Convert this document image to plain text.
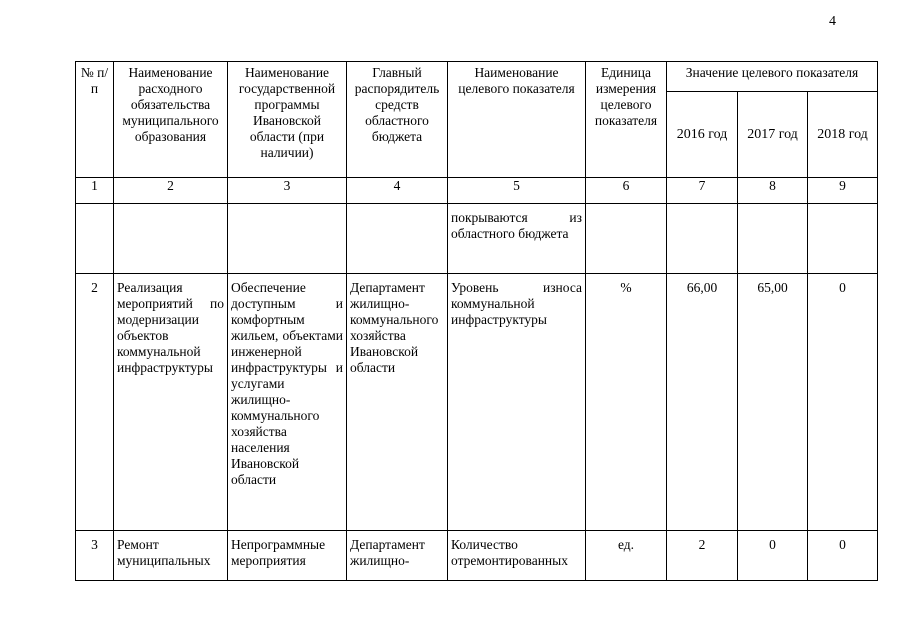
4
№ п/п	Наименование расходного обязательства муниципального образования	Наименование государственной программы Ивановской области (при наличии)	Главный распорядитель средств областного бюджета	Наименование целевого показателя	Единица измерения целевого показателя	Значение целевого показателя		
						2016 год	2017 год	2018 год
1	2	3	4	5	6	7	8	9
				покрываются из областного бюджета				
2	Реализация мероприятий по модернизации объектов коммунальной инфраструктуры	Обеспечение доступным и комфортным жильем, объектами инженерной инфраструктуры и услугами жилищно-коммунального хозяйства населения Ивановской области	Департамент жилищно-коммунального хозяйства Ивановской области	Уровень износа коммунальной инфраструктуры	%	66,00	65,00	0
3	Ремонт муниципальных	Непрограммные мероприятия	Департамент жилищно-	Количество отремонтированных	ед.	2	0	0
